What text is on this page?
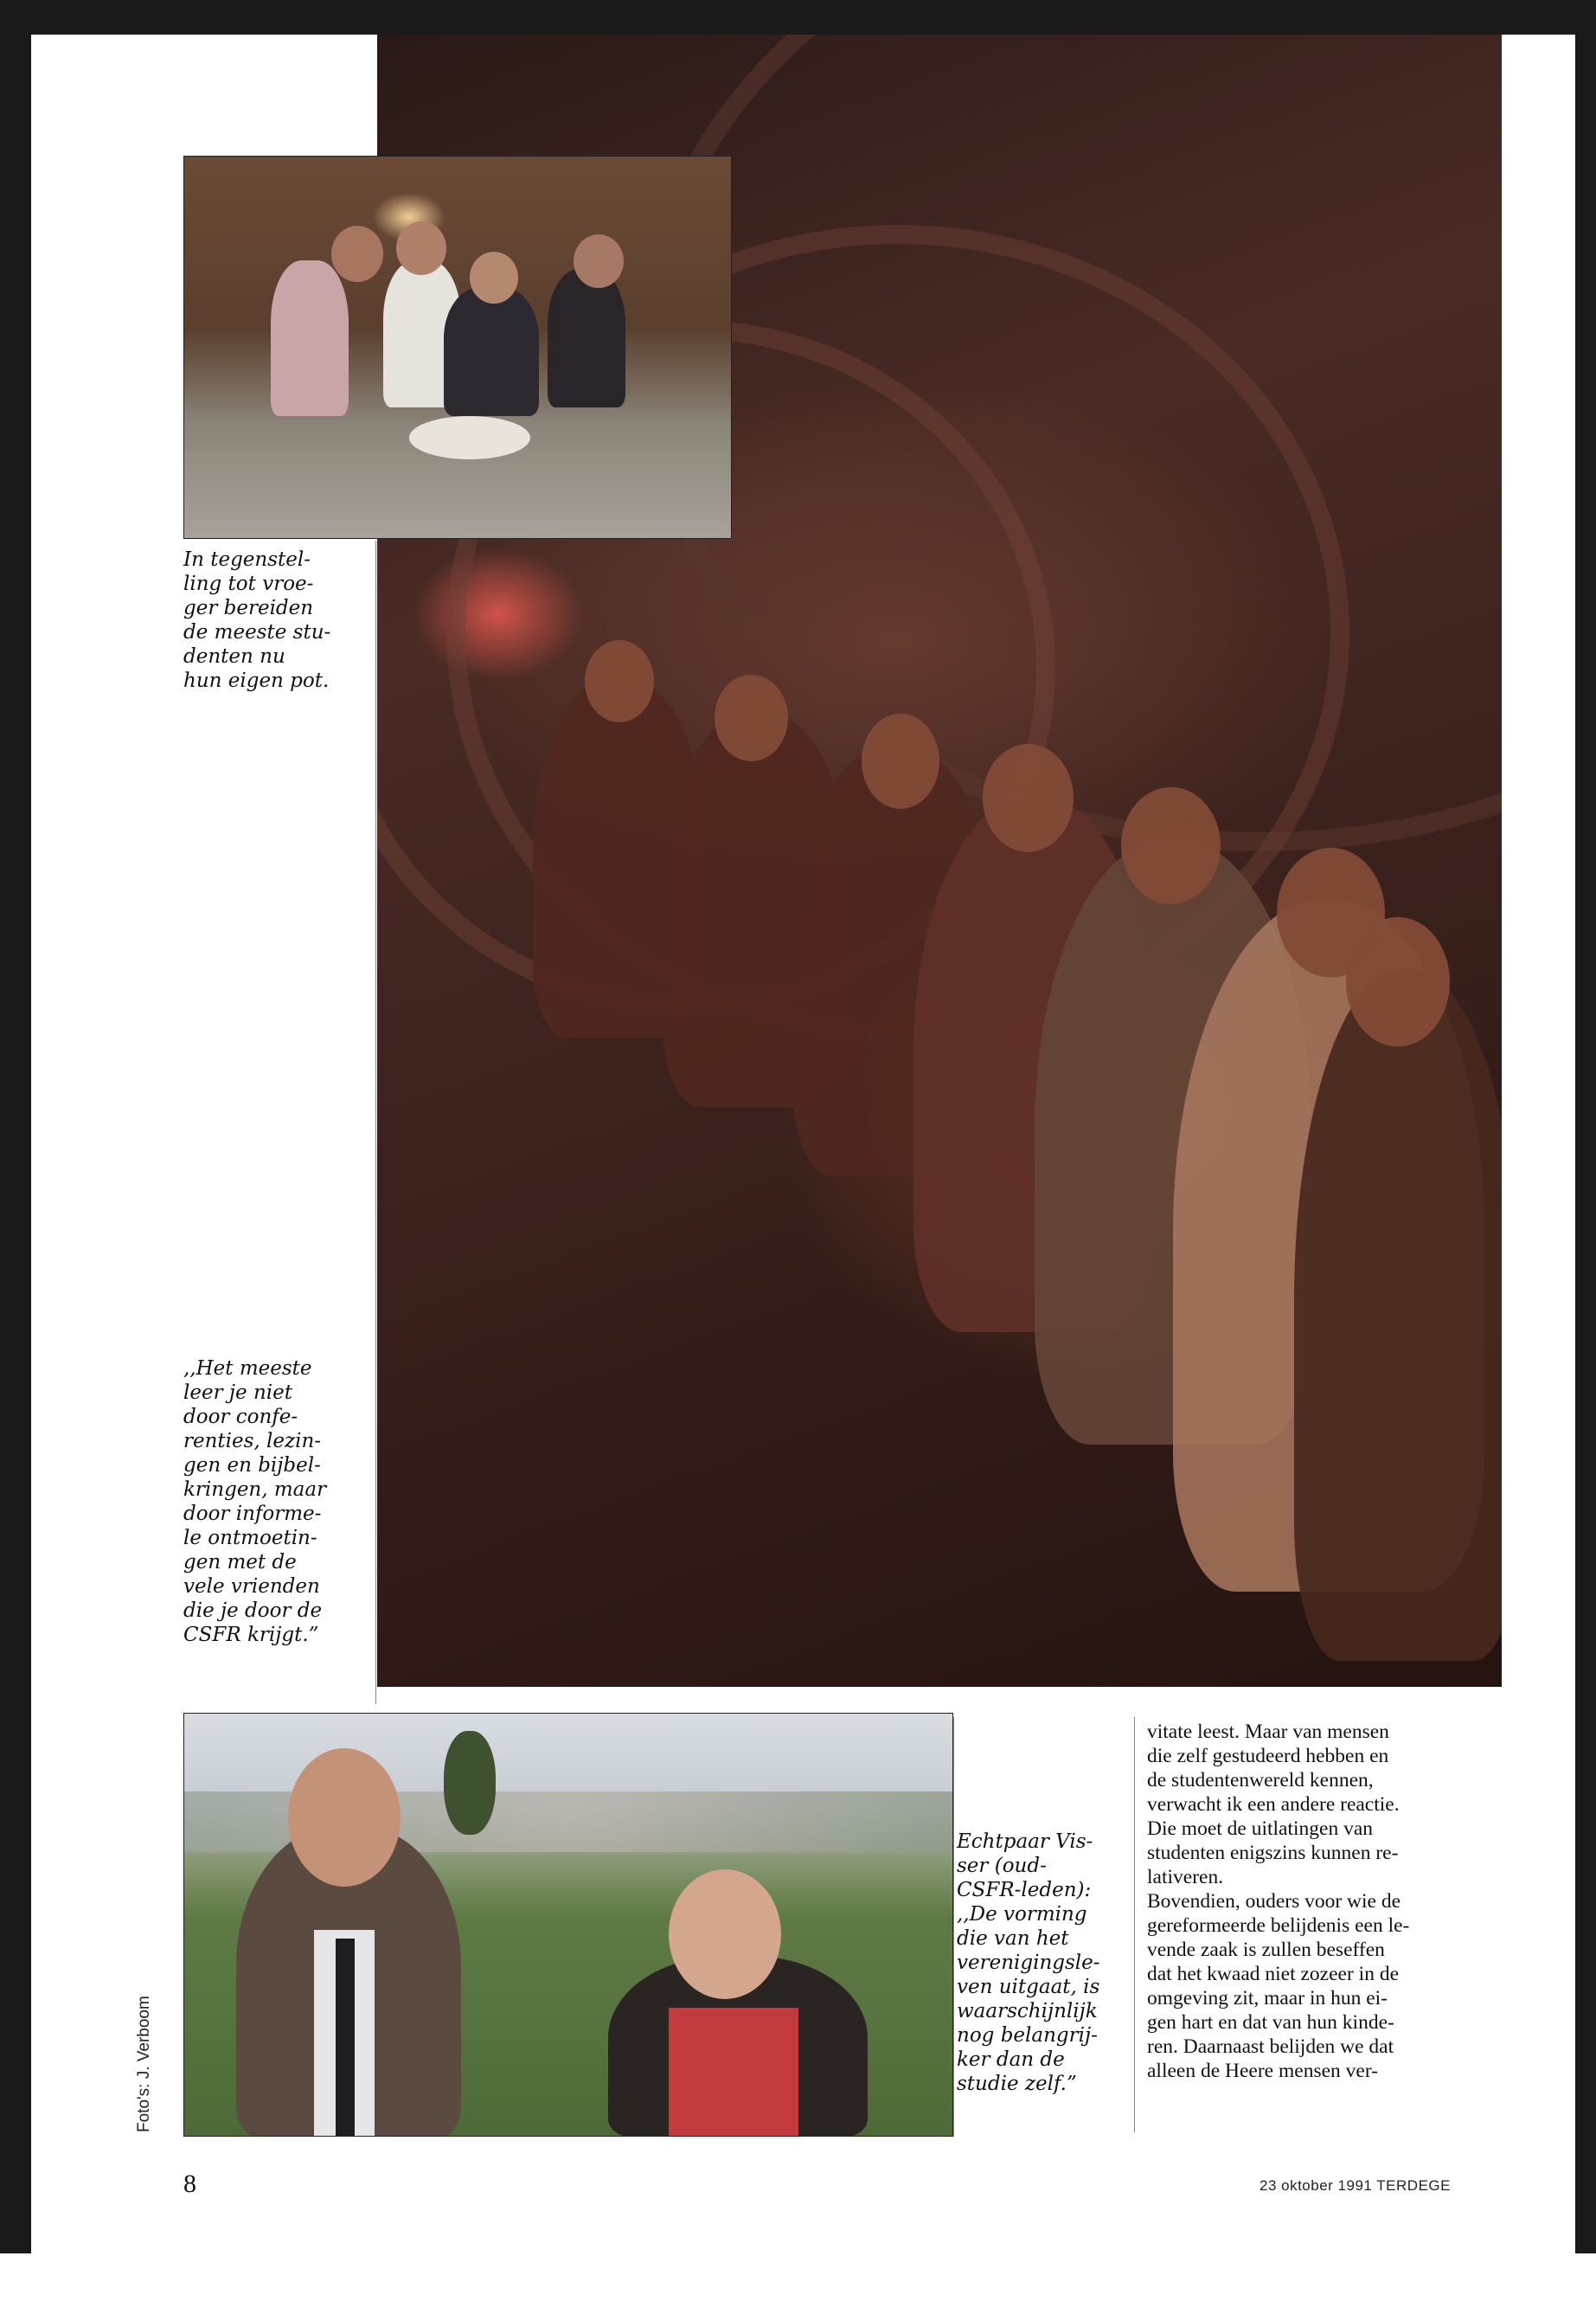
In tegenstel-
ling tot vroe-
ger bereiden
de meeste stu-
denten nu
hun eigen pot.
,,Het meeste
leer je niet
door confe-
renties, lezin-
gen en bijbel-
kringen, maar
door informe-
le ontmoetin-
gen met de
vele vrienden
die je door de
CSFR krijgt.”
Echtpaar Vis-
ser (oud-
CSFR-leden):
,,De vorming
die van het
verenigingsle-
ven uitgaat, is
waarschijnlijk
nog belangrij-
ker dan de
studie zelf.”
vitate leest. Maar van mensen
die zelf gestudeerd hebben en
de studentenwereld kennen,
verwacht ik een andere reactie.
Die moet de uitlatingen van
studenten enigszins kunnen re-
lativeren.
Bovendien, ouders voor wie de
gereformeerde belijdenis een le-
vende zaak is zullen beseffen
dat het kwaad niet zozeer in de
omgeving zit, maar in hun ei-
gen hart en dat van hun kinde-
ren. Daarnaast belijden we dat
alleen de Heere mensen ver-
Foto's: J. Verboom
8	23 oktober 1991 TERDEGE
